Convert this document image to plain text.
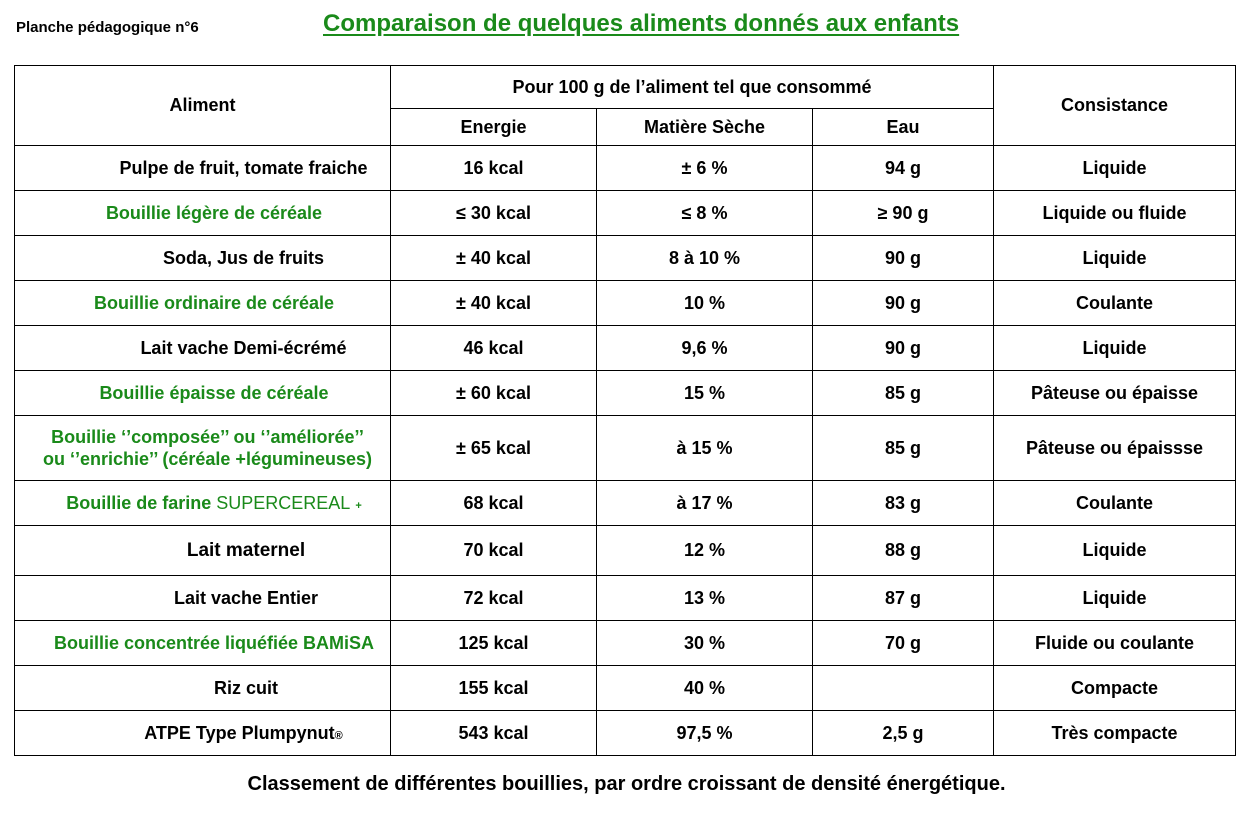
Planche pédagogique n°6	Comparaison de quelques aliments donnés aux enfants
Aliment	Pour 100 g de l’aliment tel que consommé			Consistance
	Energie	Matière Sèche	Eau	
Pulpe de fruit, tomate fraiche	16 kcal	± 6 %	94 g	Liquide
Bouillie légère de céréale	≤ 30 kcal	≤ 8 %	≥ 90 g	Liquide ou fluide
Soda, Jus de fruits	± 40 kcal	8 à 10 %	90 g	Liquide
Bouillie ordinaire de céréale	± 40 kcal	10 %	90 g	Coulante
Lait vache Demi-écrémé	46 kcal	9,6 %	90 g	Liquide
Bouillie épaisse de céréale	± 60 kcal	15 %	85 g	Pâteuse ou épaisse

Bouillie ‘’composée’’ ou ‘’améliorée’’
ou ‘’enrichie’’ (céréale +légumineuses)	± 65 kcal	à 15 %	85 g	Pâteuse ou épaissse
Bouillie de farine SUPERCEREAL +	68 kcal	à 17 %	83 g	Coulante
Lait maternel	70 kcal	12 %	88 g	Liquide
Lait vache Entier	72 kcal	13 %	87 g	Liquide
Bouillie concentrée liquéfiée BAMiSA	125 kcal	30 %	70 g	Fluide ou coulante
Riz cuit	155 kcal	40 %		Compacte
ATPE Type Plumpynut®	543 kcal	97,5 %	2,5 g	Très compacte
Classement de différentes bouillies, par ordre croissant de densité énergétique.
